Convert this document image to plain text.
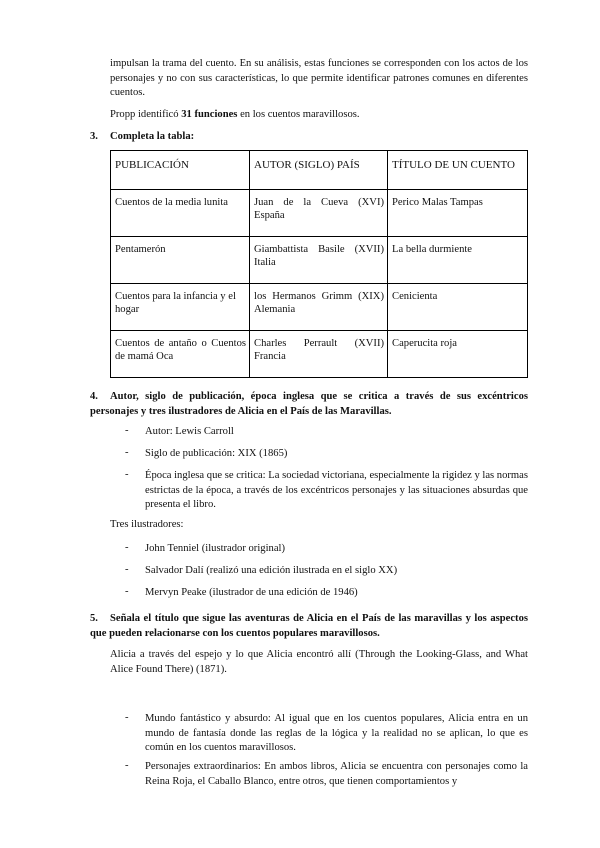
impulsan la trama del cuento. En su análisis, estas funciones se corresponden con los actos de los personajes y no con sus características, lo que permite identificar patrones comunes en diferentes cuentos.
Propp identificó 31 funciones en los cuentos maravillosos.
3. Completa la tabla:
PUBLICACIÓN	AUTOR (SIGLO) PAÍS	TÍTULO DE UN CUENTO
Cuentos de la media lunita	Juan de la Cueva (XVI) España	Perico Malas Tampas
Pentamerón	Giambattista Basile (XVII) Italia	La bella durmiente
Cuentos para la infancia y el hogar	los Hermanos Grimm (XIX) Alemania	Cenicienta
Cuentos de antaño o Cuentos de mamá Oca	Charles Perrault (XVII) Francia	Caperucita roja
4. Autor, siglo de publicación, época inglesa que se critica a través de sus excéntricos personajes y tres ilustradores de Alicia en el País de las Maravillas.
- Autor: Lewis Carroll
- Siglo de publicación: XIX (1865)
- Época inglesa que se critica: La sociedad victoriana, especialmente la rigidez y las normas estrictas de la época, a través de los excéntricos personajes y las situaciones absurdas que presenta el libro.
Tres ilustradores:
- John Tenniel (ilustrador original)
- Salvador Dalí (realizó una edición ilustrada en el siglo XX)
- Mervyn Peake (ilustrador de una edición de 1946)
5. Señala el título que sigue las aventuras de Alicia en el País de las maravillas y los aspectos que pueden relacionarse con los cuentos populares maravillosos.
Alicia a través del espejo y lo que Alicia encontró allí (Through the Looking-Glass, and What Alice Found There) (1871).
- Mundo fantástico y absurdo: Al igual que en los cuentos populares, Alicia entra en un mundo de fantasía donde las reglas de la lógica y la realidad no se aplican, lo que es común en los cuentos maravillosos.
- Personajes extraordinarios: En ambos libros, Alicia se encuentra con personajes como la Reina Roja, el Caballo Blanco, entre otros, que tienen comportamientos y
